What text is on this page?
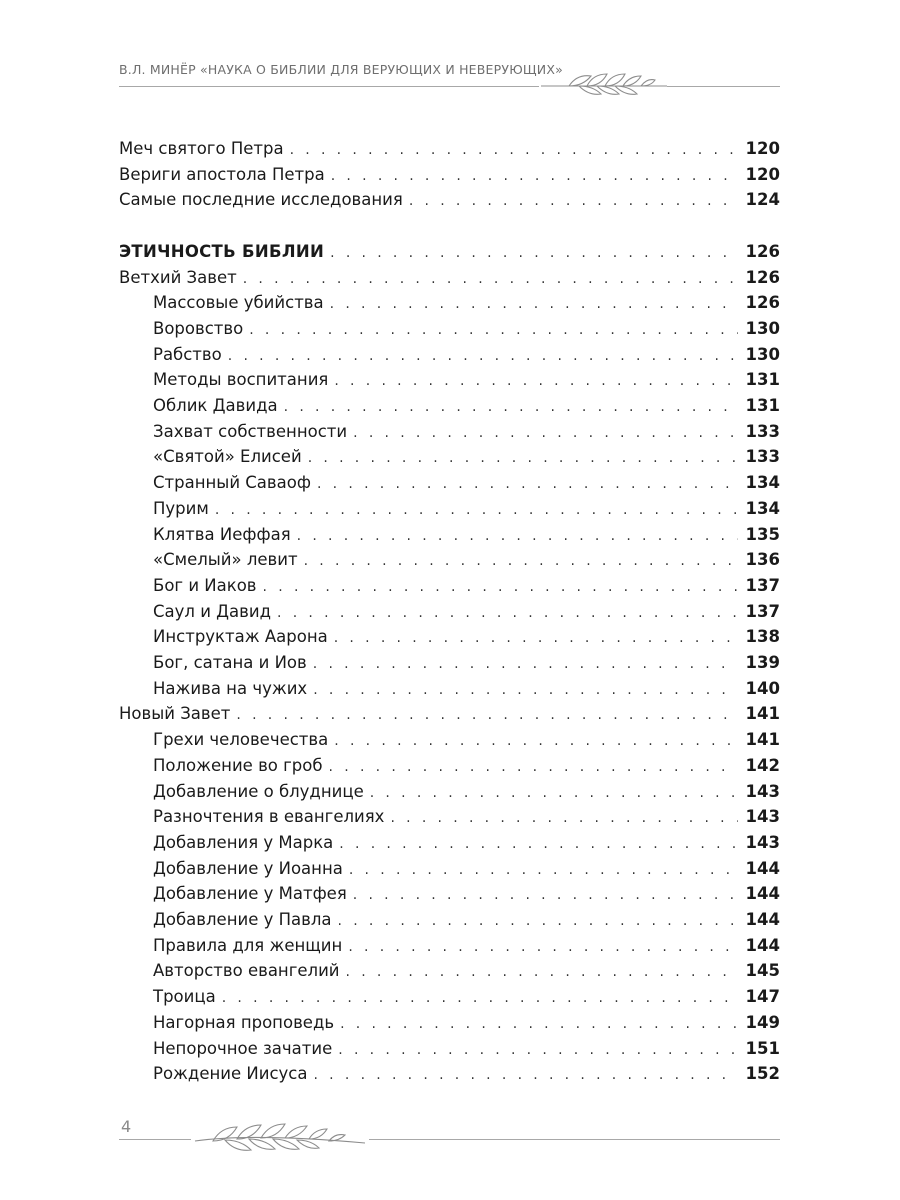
В.Л. МИНЁР «НАУКА О БИБЛИИ ДЛЯ ВЕРУЮЩИХ И НЕВЕРУЮЩИХ»
Меч святого Петра . . .	120
Вериги апостола Петра . . .	120
Самые последние исследования . . .	124
ЭТИЧНОСТЬ БИБЛИИ . . .	126
Ветхий Завет . . .	126
Массовые убийства . . .	126
Воровство . . .	130
Рабство . . .	130
Методы воспитания . . .	131
Облик Давида . . .	131
Захват собственности . . .	133
«Святой» Елисей . . .	133
Странный Саваоф . . .	134
Пурим . . .	134
Клятва Иеффая . . .	135
«Смелый» левит . . .	136
Бог и Иаков . . .	137
Саул и Давид . . .	137
Инструктаж Аарона . . .	138
Бог, сатана и Иов . . .	139
Нажива на чужих . . .	140
Новый Завет . . .	141
Грехи человечества . . .	141
Положение во гроб . . .	142
Добавление о блуднице . . .	143
Разночтения в евангелиях . . .	143
Добавления у Марка . . .	143
Добавление у Иоанна . . .	144
Добавление у Матфея . . .	144
Добавление у Павла . . .	144
Правила для женщин . . .	144
Авторство евангелий . . .	145
Троица . . .	147
Нагорная проповедь . . .	149
Непорочное зачатие . . .	151
Рождение Иисуса . . .	152
4
